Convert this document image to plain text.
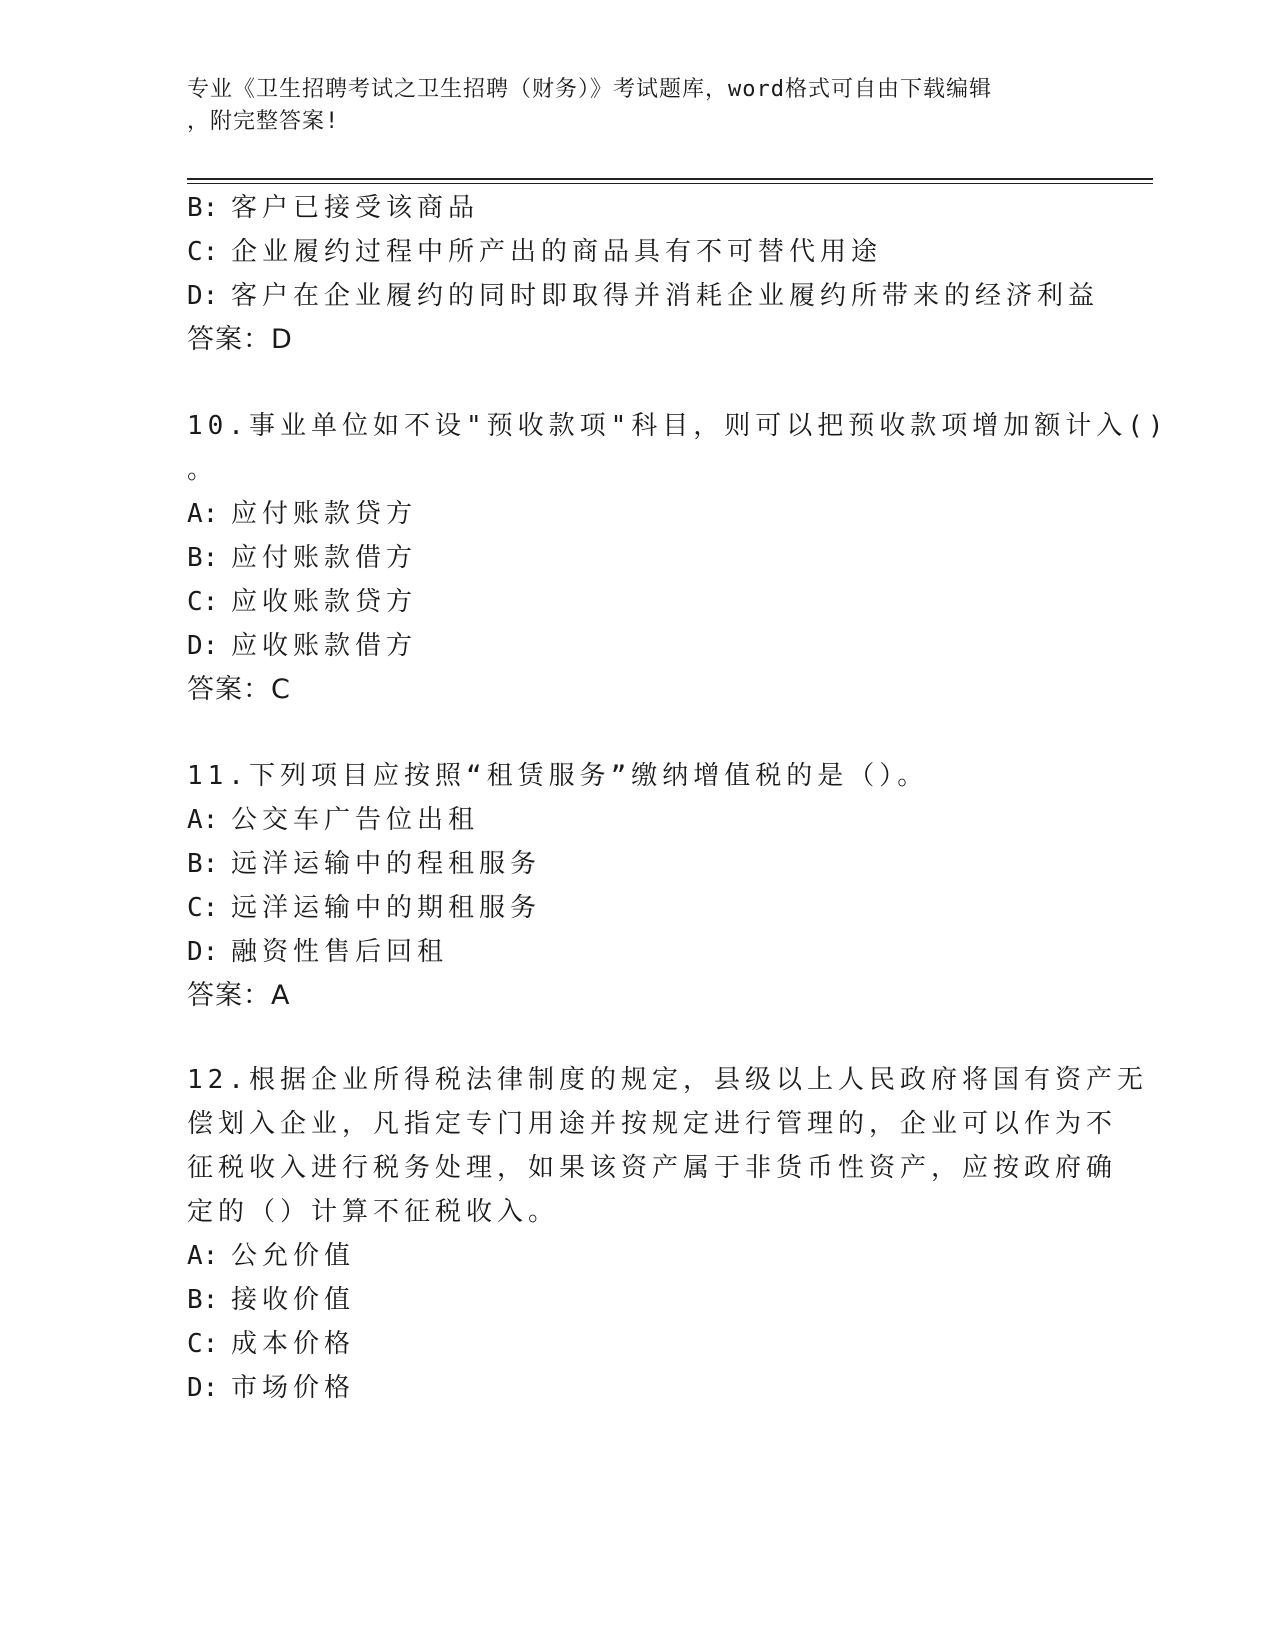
专业《卫生招聘考试之卫生招聘（财务）》考试题库，word格式可自由下载编辑
，附完整答案!
B: 客户已接受该商品
C: 企业履约过程中所产出的商品具有不可替代用途
D: 客户在企业履约的同时即取得并消耗企业履约所带来的经济利益
答案：D
10.事业单位如不设"预收款项"科目，则可以把预收款项增加额计入()
。
A: 应付账款贷方
B: 应付账款借方
C: 应收账款贷方
D: 应收账款借方
答案：C
11.下列项目应按照“租赁服务”缴纳增值税的是（）。
A: 公交车广告位出租
B: 远洋运输中的程租服务
C: 远洋运输中的期租服务
D: 融资性售后回租
答案：A
12.根据企业所得税法律制度的规定，县级以上人民政府将国有资产无
偿划入企业，凡指定专门用途并按规定进行管理的，企业可以作为不
征税收入进行税务处理，如果该资产属于非货币性资产，应按政府确
定的（）计算不征税收入。
A: 公允价值
B: 接收价值
C: 成本价格
D: 市场价格
